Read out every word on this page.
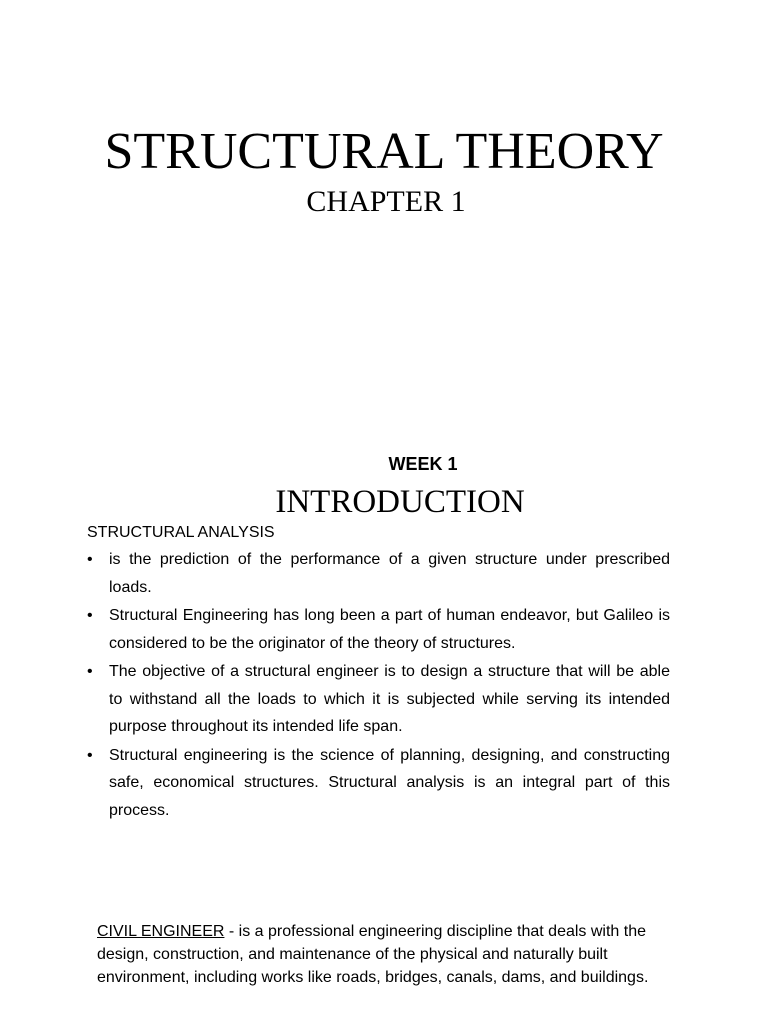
STRUCTURAL THEORY
CHAPTER 1
WEEK 1
INTRODUCTION
STRUCTURAL ANALYSIS
•	is the prediction of the performance of a given structure under prescribed loads.
•	Structural Engineering has long been a part of human endeavor, but Galileo is considered to be the originator of the theory of structures.
•	The objective of a structural engineer is to design a structure that will be able to withstand all the loads to which it is subjected while serving its intended purpose throughout its intended life span.
•	Structural engineering is the science of planning, designing, and constructing safe, economical structures. Structural analysis is an integral part of this process.
CIVIL ENGINEER - is a professional engineering discipline that deals with the design, construction, and maintenance of the physical and naturally built environment, including works like roads, bridges, canals, dams, and buildings.
